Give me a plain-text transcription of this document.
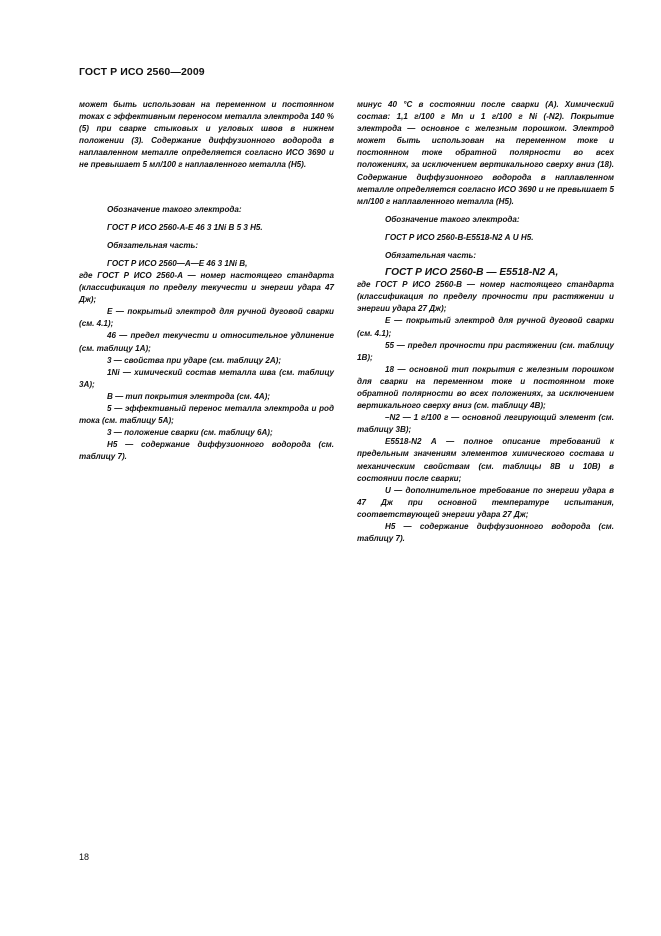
ГОСТ Р ИСО 2560—2009

может быть использован на переменном и постоянном токах с эффективным переносом металла электрода 140 % (5) при сварке стыковых и угловых швов в нижнем положении (3). Содержание диффузионного водорода в наплавленном металле определяется согласно ИСО 3690 и не превышает 5 мл/100 г наплавленного металла (H5).

Обозначение такого электрода:

ГОСТ Р ИСО 2560-А-Е 46 3 1Ni В 5 3 H5.

Обязательная часть:

ГОСТ Р ИСО 2560—А—Е 46 3 1Ni В,

где ГОСТ Р ИСО 2560-А — номер настоящего стандарта (классификация по пределу текучести и энергии удара 47 Дж);

Е — покрытый электрод для ручной дуговой сварки (см. 4.1);

46 — предел текучести и относительное удлинение (см. таблицу 1А);

3 — свойства при ударе (см. таблицу 2А);

1Ni — химический состав металла шва (см. таблицу 3А);

В — тип покрытия электрода (см. 4А);

5 — эффективный перенос металла электрода и род тока (см. таблицу 5А);

3 — положение сварки (см. таблицу 6А);

H5 — содержание диффузионного водорода (см. таблицу 7).

минус 40 °С в состоянии после сварки (А). Химический состав: 1,1 г/100 г Mn и 1 г/100 г Ni (-N2). Покрытие электрода — основное с железным порошком. Электрод может быть использован на переменном токе и постоянном токе обратной полярности во всех положениях, за исключением вертикального сверху вниз (18). Содержание диффузионного водорода в наплавленном металле определяется согласно ИСО 3690 и не превышает 5 мл/100 г наплавленного металла (H5).

Обозначение такого электрода:

ГОСТ Р ИСО 2560-В-Е5518-N2 А U H5.

Обязательная часть:

ГОСТ Р ИСО 2560-В — Е5518-N2 А,

где ГОСТ Р ИСО 2560-В — номер настоящего стандарта (классификация по пределу прочности при растяжении и энергии удара 27 Дж);

Е — покрытый электрод для ручной дуговой сварки (см. 4.1);

55 — предел прочности при растяжении (см. таблицу 1В);

18 — основной тип покрытия с железным порошком для сварки на переменном токе и постоянном токе обратной полярности во всех положениях, за исключением вертикального сверху вниз (см. таблицу 4В);

–N2 — 1 г/100 г — основной легирующий элемент (см. таблицу 3В);

Е5518-N2 А — полное описание требований к предельным значениям элементов химического состава и механическим свойствам (см. таблицы 8В и 10В) в состоянии после сварки;

U — дополнительное требование по энергии удара в 47 Дж при основной температуре испытания, соответствующей энергии удара 27 Дж;

H5 — содержание диффузионного водорода (см. таблицу 7).

18
